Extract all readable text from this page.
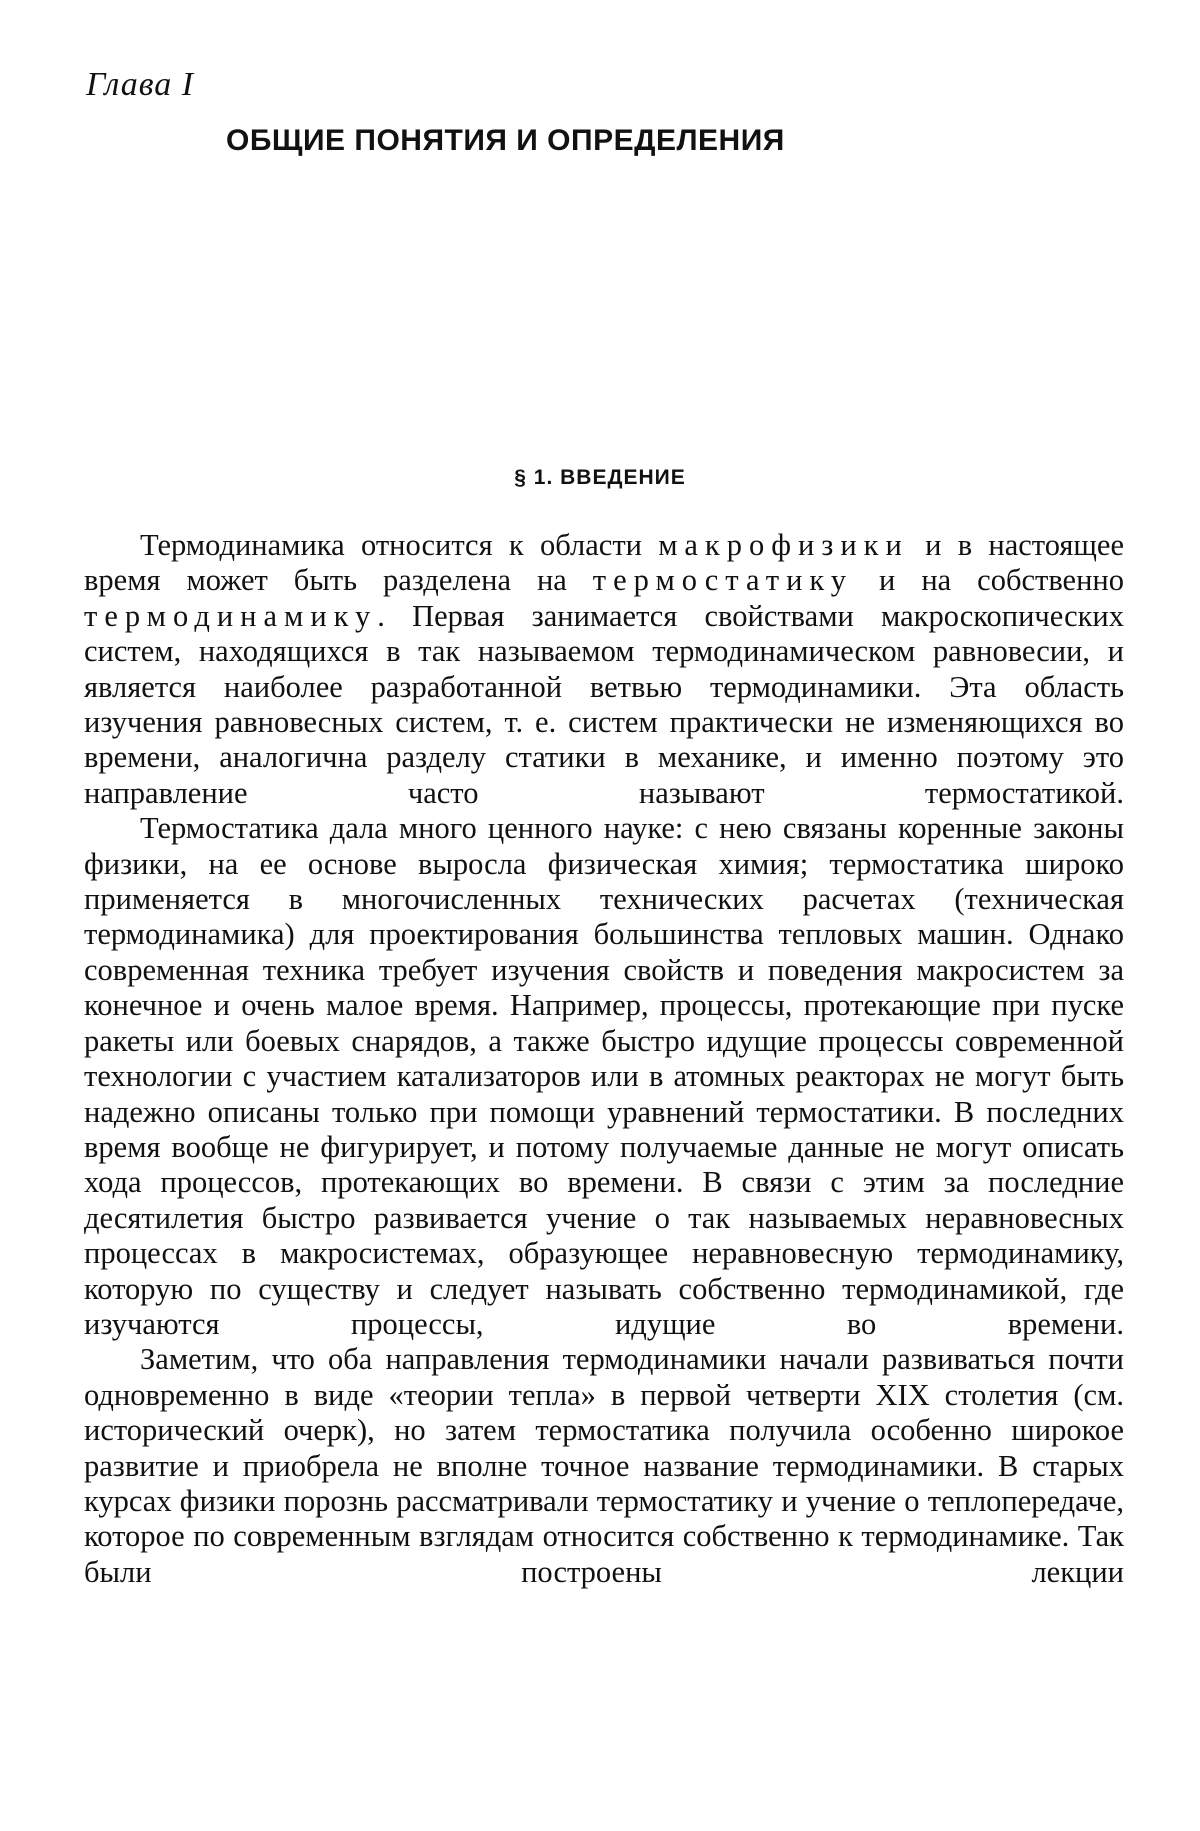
Глава I
ОБЩИЕ ПОНЯТИЯ И ОПРЕДЕЛЕНИЯ
§ 1. ВВЕДЕНИЕ

Термодинамика относится к области макрофизики и в настоящее время может быть разделена на термостатику и на собственно термодинамику. Первая занимается свойствами макроскопических систем, находящихся в так называемом термодинамическом равновесии, и является наиболее разработанной ветвью термодинамики. Эта область изучения равновесных систем, т. е. систем практически не изменяющихся во времени, аналогична разделу статики в механике, и именно поэтому это направление часто называют термостатикой.

Термостатика дала много ценного науке: с нею связаны коренные законы физики, на ее основе выросла физическая химия; термостатика широко применяется в многочисленных технических расчетах (техническая термодинамика) для проектирования большинства тепловых машин. Однако современная техника требует изучения свойств и поведения макросистем за конечное и очень малое время. Например, процессы, протекающие при пуске ракеты или боевых снарядов, а также быстро идущие процессы современной технологии с участием катализаторов или в атомных реакторах не могут быть надежно описаны только при помощи уравнений термостатики. В последних время вообще не фигурирует, и потому получаемые данные не могут описать хода процессов, протекающих во времени. В связи с этим за последние десятилетия быстро развивается учение о так называемых неравновесных процессах в макросистемах, образующее неравновесную термодинамику, которую по существу и следует называть собственно термодинамикой, где изучаются процессы, идущие во времени.

Заметим, что оба направления термодинамики начали развиваться почти одновременно в виде «теории тепла» в первой четверти XIX столетия (см. исторический очерк), но затем термостатика получила особенно широкое развитие и приобрела не вполне точное название термодинамики. В старых курсах физики порознь рассматривали термостатику и учение о теплопередаче, которое по современным взглядам относится собственно к термодинамике. Так были построены лекции
